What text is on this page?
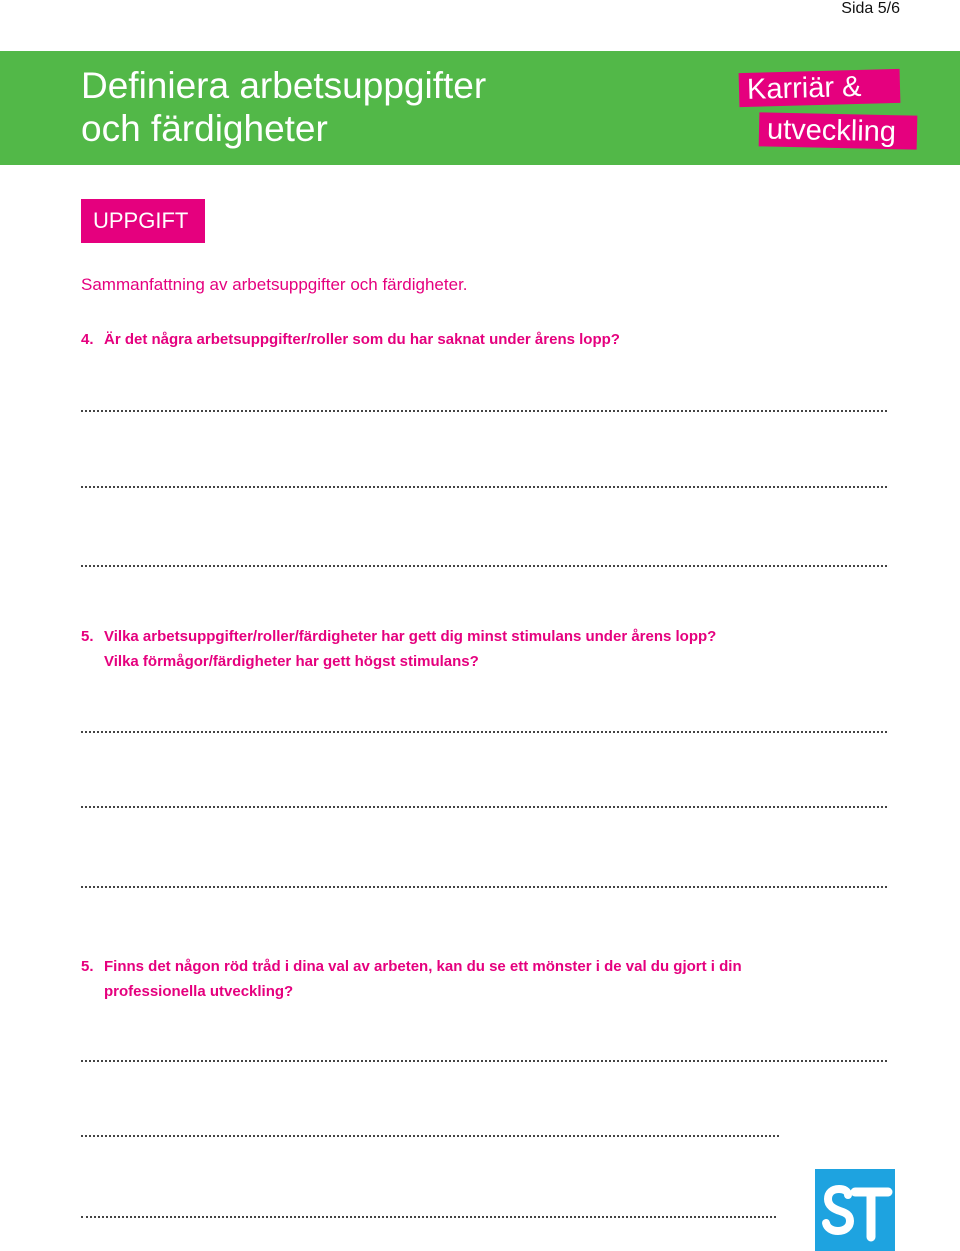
Sida 5/6
Definiera arbetsuppgifter
och färdigheter
Karriär &
utveckling
UPPGIFT

Sammanfattning av arbetsuppgifter och färdigheter.

4. Är det några arbetsuppgifter/roller som du har saknat under årens lopp?
5. Vilka arbetsuppgifter/roller/färdigheter har gett dig minst stimulans under årens lopp?
Vilka förmågor/färdigheter har gett högst stimulans?
5. Finns det någon röd tråd i dina val av arbeten, kan du se ett mönster i de val du gjort i din
professionella utveckling?
